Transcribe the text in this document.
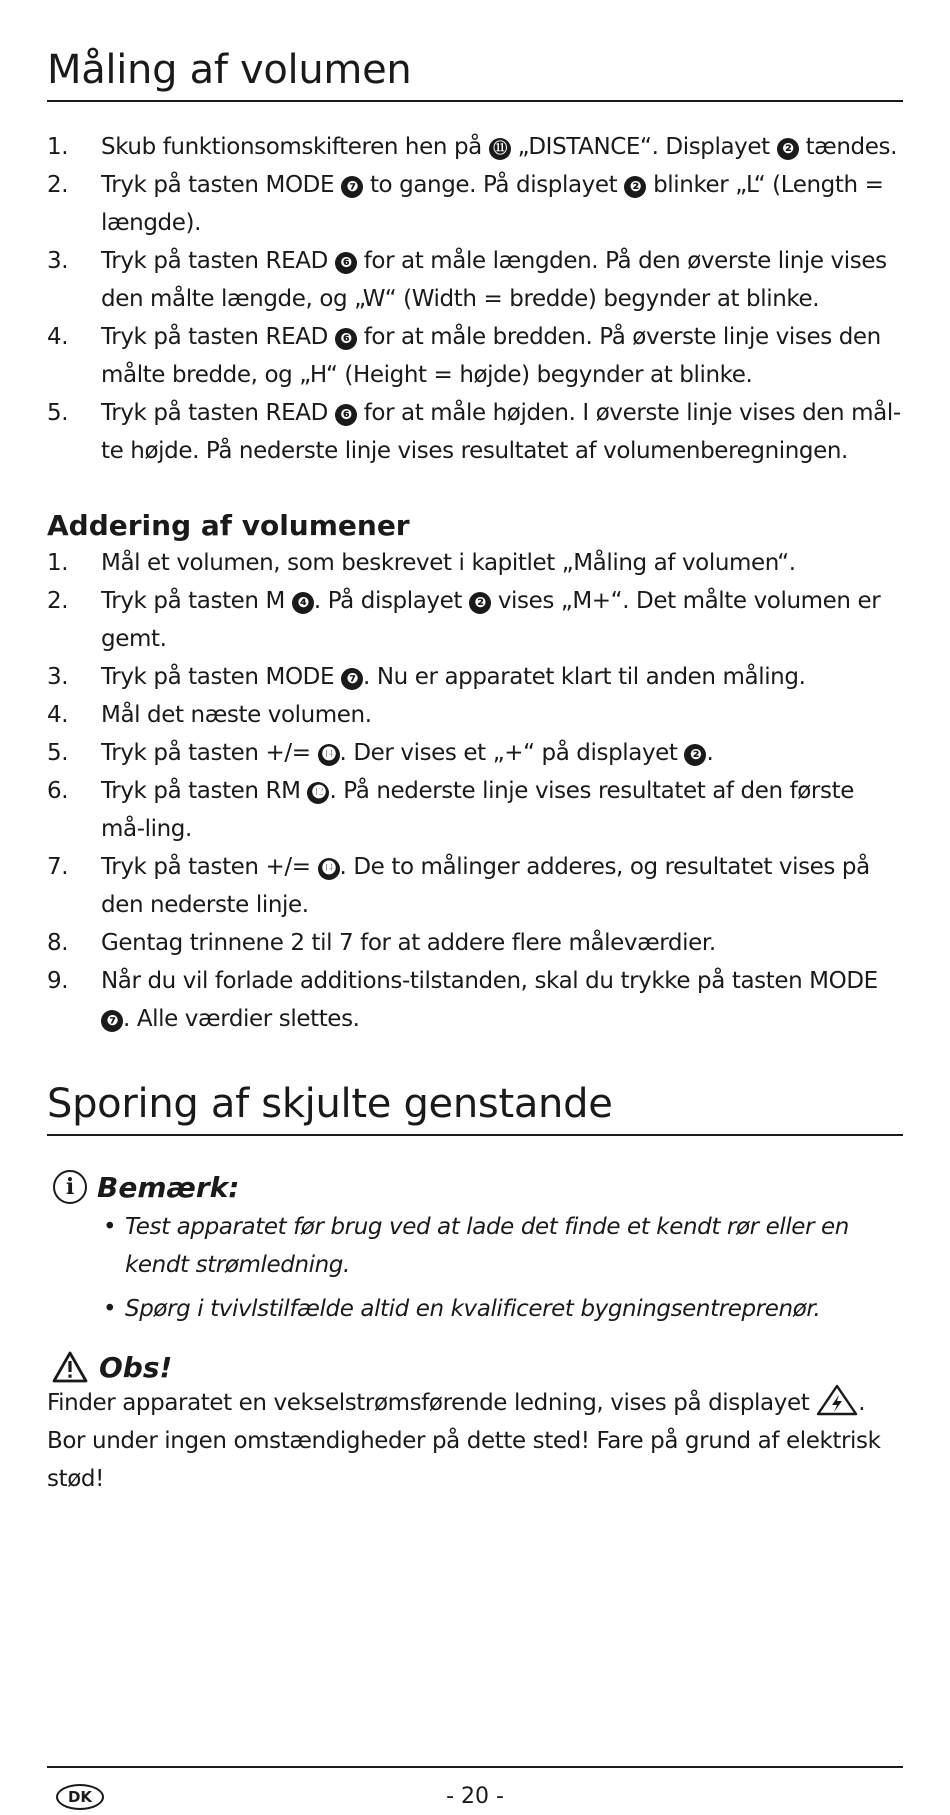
Måling af volumen
1.	Skub funktionsomskifteren hen på ⑪ „DISTANCE“. Displayet ❷ tændes.
2.	Tryk på tasten MODE ❼ to gange. På displayet ❷ blinker „L“ (Length = længde).
3.	Tryk på tasten READ ❻ for at måle længden. På den øverste linje vises den målte længde, og „W“ (Width = bredde) begynder at blinke.
4.	Tryk på tasten READ ❻ for at måle bredden. På øverste linje vises den målte bredde, og „H“ (Height = højde) begynder at blinke.
5.	Tryk på tasten READ ❻ for at måle højden. I øverste linje vises den mål-te højde. På nederste linje vises resultatet af volumenberegningen.
Addering af volumener
1.	Mål et volumen, som beskrevet i kapitlet „Måling af volumen“.
2.	Tryk på tasten M ❹ . På displayet ❷ vises „M+“. Det målte volumen er gemt.
3.	Tryk på tasten MODE ❼ . Nu er apparatet klart til anden måling.
4.	Mål det næste volumen.
5.	Tryk på tasten +/= ⓮ . Der vises et „+“ på displayet ❷ .
6.	Tryk på tasten RM ⓬ . På nederste linje vises resultatet af den første må-ling.
7.	Tryk på tasten +/= ⓮ . De to målinger adderes, og resultatet vises på den nederste linje.
8.	Gentag trinnene 2 til 7 for at addere flere måleværdier.
9.	Når du vil forlade additions-tilstanden, skal du trykke på tasten MODE ❼ . Alle værdier slettes.
Sporing af skjulte genstande
i Bemærk:
• Test apparatet før brug ved at lade det finde et kendt rør eller en kendt strømledning.
• Spørg i tvivlstilfælde altid en kvalificeret bygningsentreprenør.
Obs!

Finder apparatet en vekselstrømsførende ledning, vises på displayet . Bor under ingen omstændigheder på dette sted! Fare på grund af elektrisk stød!

DK	- 20 -
